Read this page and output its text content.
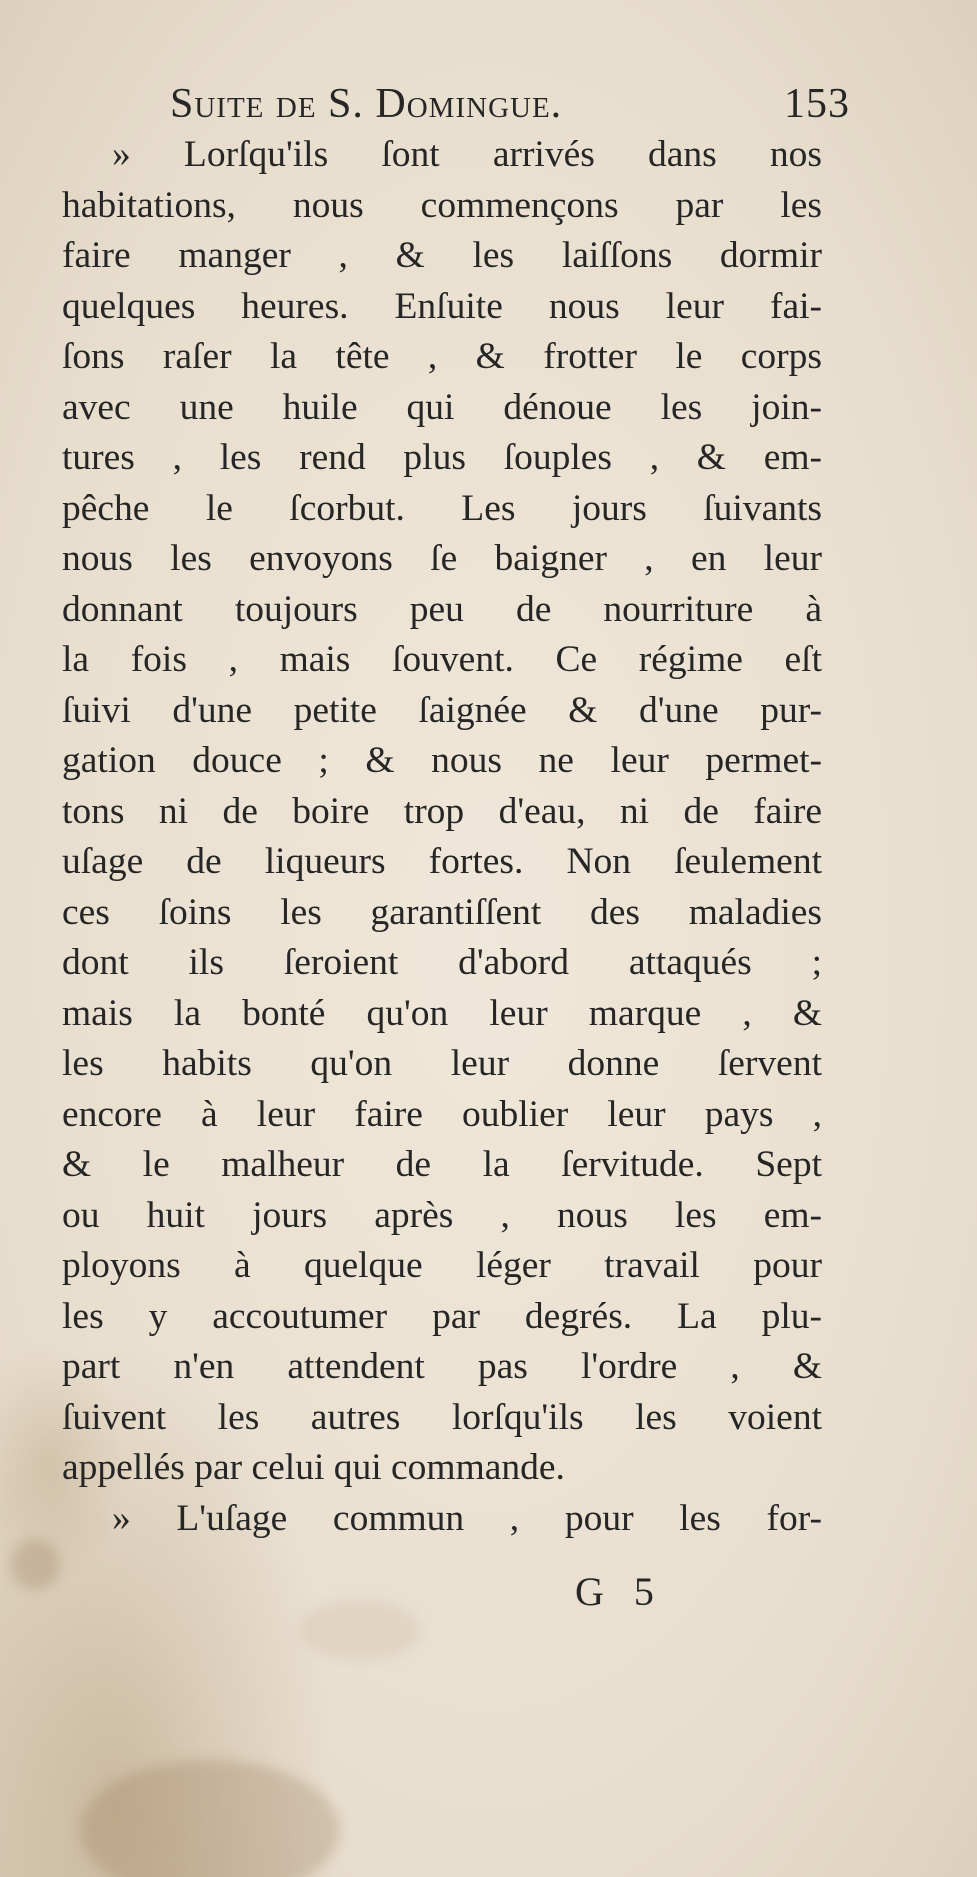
Suite de S. Domingue.	153
» Lorſqu'ils ſont arrivés dans nos
habitations, nous commençons par les
faire manger , & les laiſſons dormir
quelques heures. Enſuite nous leur fai-
ſons raſer la tête , & frotter le corps
avec une huile qui dénoue les join-
tures , les rend plus ſouples , & em-
pêche le ſcorbut. Les jours ſuivants
nous les envoyons ſe baigner , en leur
donnant toujours peu de nourriture à
la fois , mais ſouvent. Ce régime eſt
ſuivi d'une petite ſaignée & d'une pur-
gation douce ; & nous ne leur permet-
tons ni de boire trop d'eau, ni de faire
uſage de liqueurs fortes. Non ſeulement
ces ſoins les garantiſſent des maladies
dont ils ſeroient d'abord attaqués ;
mais la bonté qu'on leur marque , &
les habits qu'on leur donne ſervent
encore à leur faire oublier leur pays ,
& le malheur de la ſervitude. Sept
ou huit jours après , nous les em-
ployons à quelque léger travail pour
les y accoutumer par degrés. La plu-
part n'en attendent pas l'ordre , &
ſuivent les autres lorſqu'ils les voient
appellés par celui qui commande.
» L'uſage commun , pour les for-
G 5
